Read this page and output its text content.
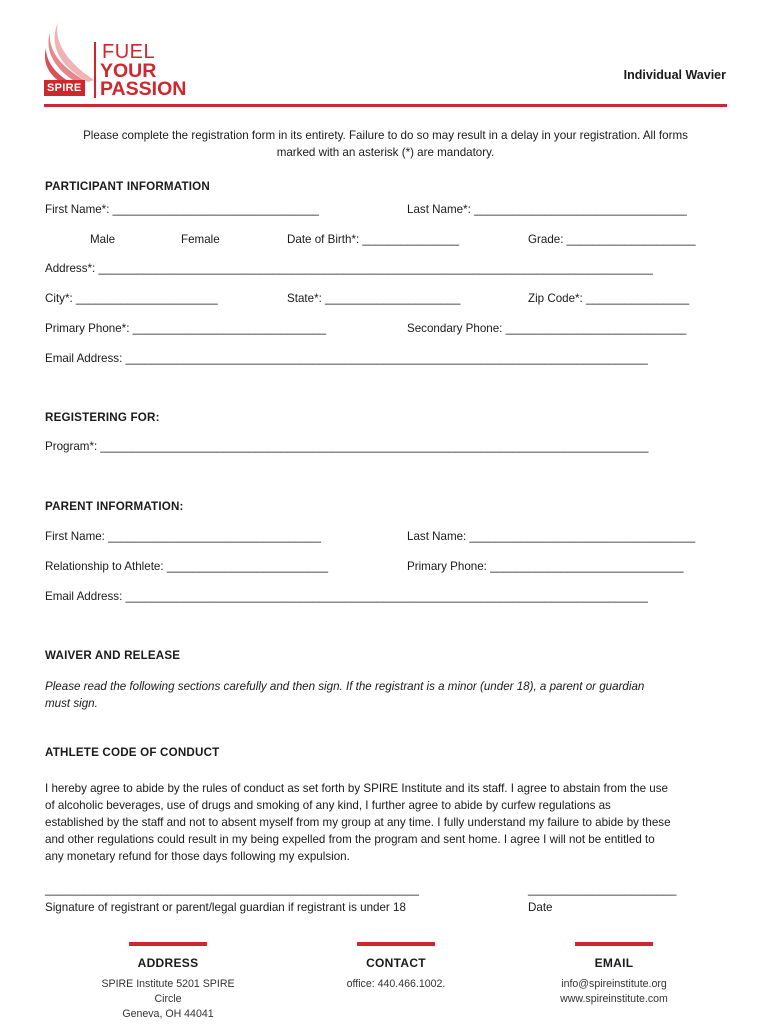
SPIRE
FUEL
YOUR
PASSION
Individual Wavier
Please complete the registration form in its entirety. Failure to do so may result in a delay in your registration. All forms
marked with an asterisk (*) are mandatory.
PARTICIPANT INFORMATION
First Name*: ________________________________	Last Name*: _________________________________
Male	Female	Date of Birth*: _______________	Grade: ____________________
Address*: ______________________________________________________________________________________
City*: ______________________	State*: _____________________	Zip Code*: ________________
Primary Phone*: ______________________________	Secondary Phone: ____________________________
Email Address: _________________________________________________________________________________
REGISTERING FOR:
Program*: _____________________________________________________________________________________
PARENT INFORMATION:
First Name: _________________________________	Last Name: ___________________________________
Relationship to Athlete: _________________________	Primary Phone: ______________________________
Email Address: _________________________________________________________________________________
WAIVER AND RELEASE
Please read the following sections carefully and then sign. If the registrant is a minor (under 18), a parent or guardian
must sign.
ATHLETE CODE OF CONDUCT
I hereby agree to abide by the rules of conduct as set forth by SPIRE Institute and its staff. I agree to abstain from the use
of alcoholic beverages, use of drugs and smoking of any kind, I further agree to abide by curfew regulations as
established by the staff and not to absent myself from my group at any time. I fully understand my failure to abide by these
and other regulations could result in my being expelled from the program and sent home. I agree I will not be entitled to
any monetary refund for those days following my expulsion.
__________________________________________________________
Signature of registrant or parent/legal guardian if registrant is under 18
_______________________
Date
ADDRESS
SPIRE Institute 5201 SPIRE Circle
Geneva, OH 44041
CONTACT
office: 440.466.1002.
EMAIL
info@spireinstitute.org
www.spireinstitute.com
